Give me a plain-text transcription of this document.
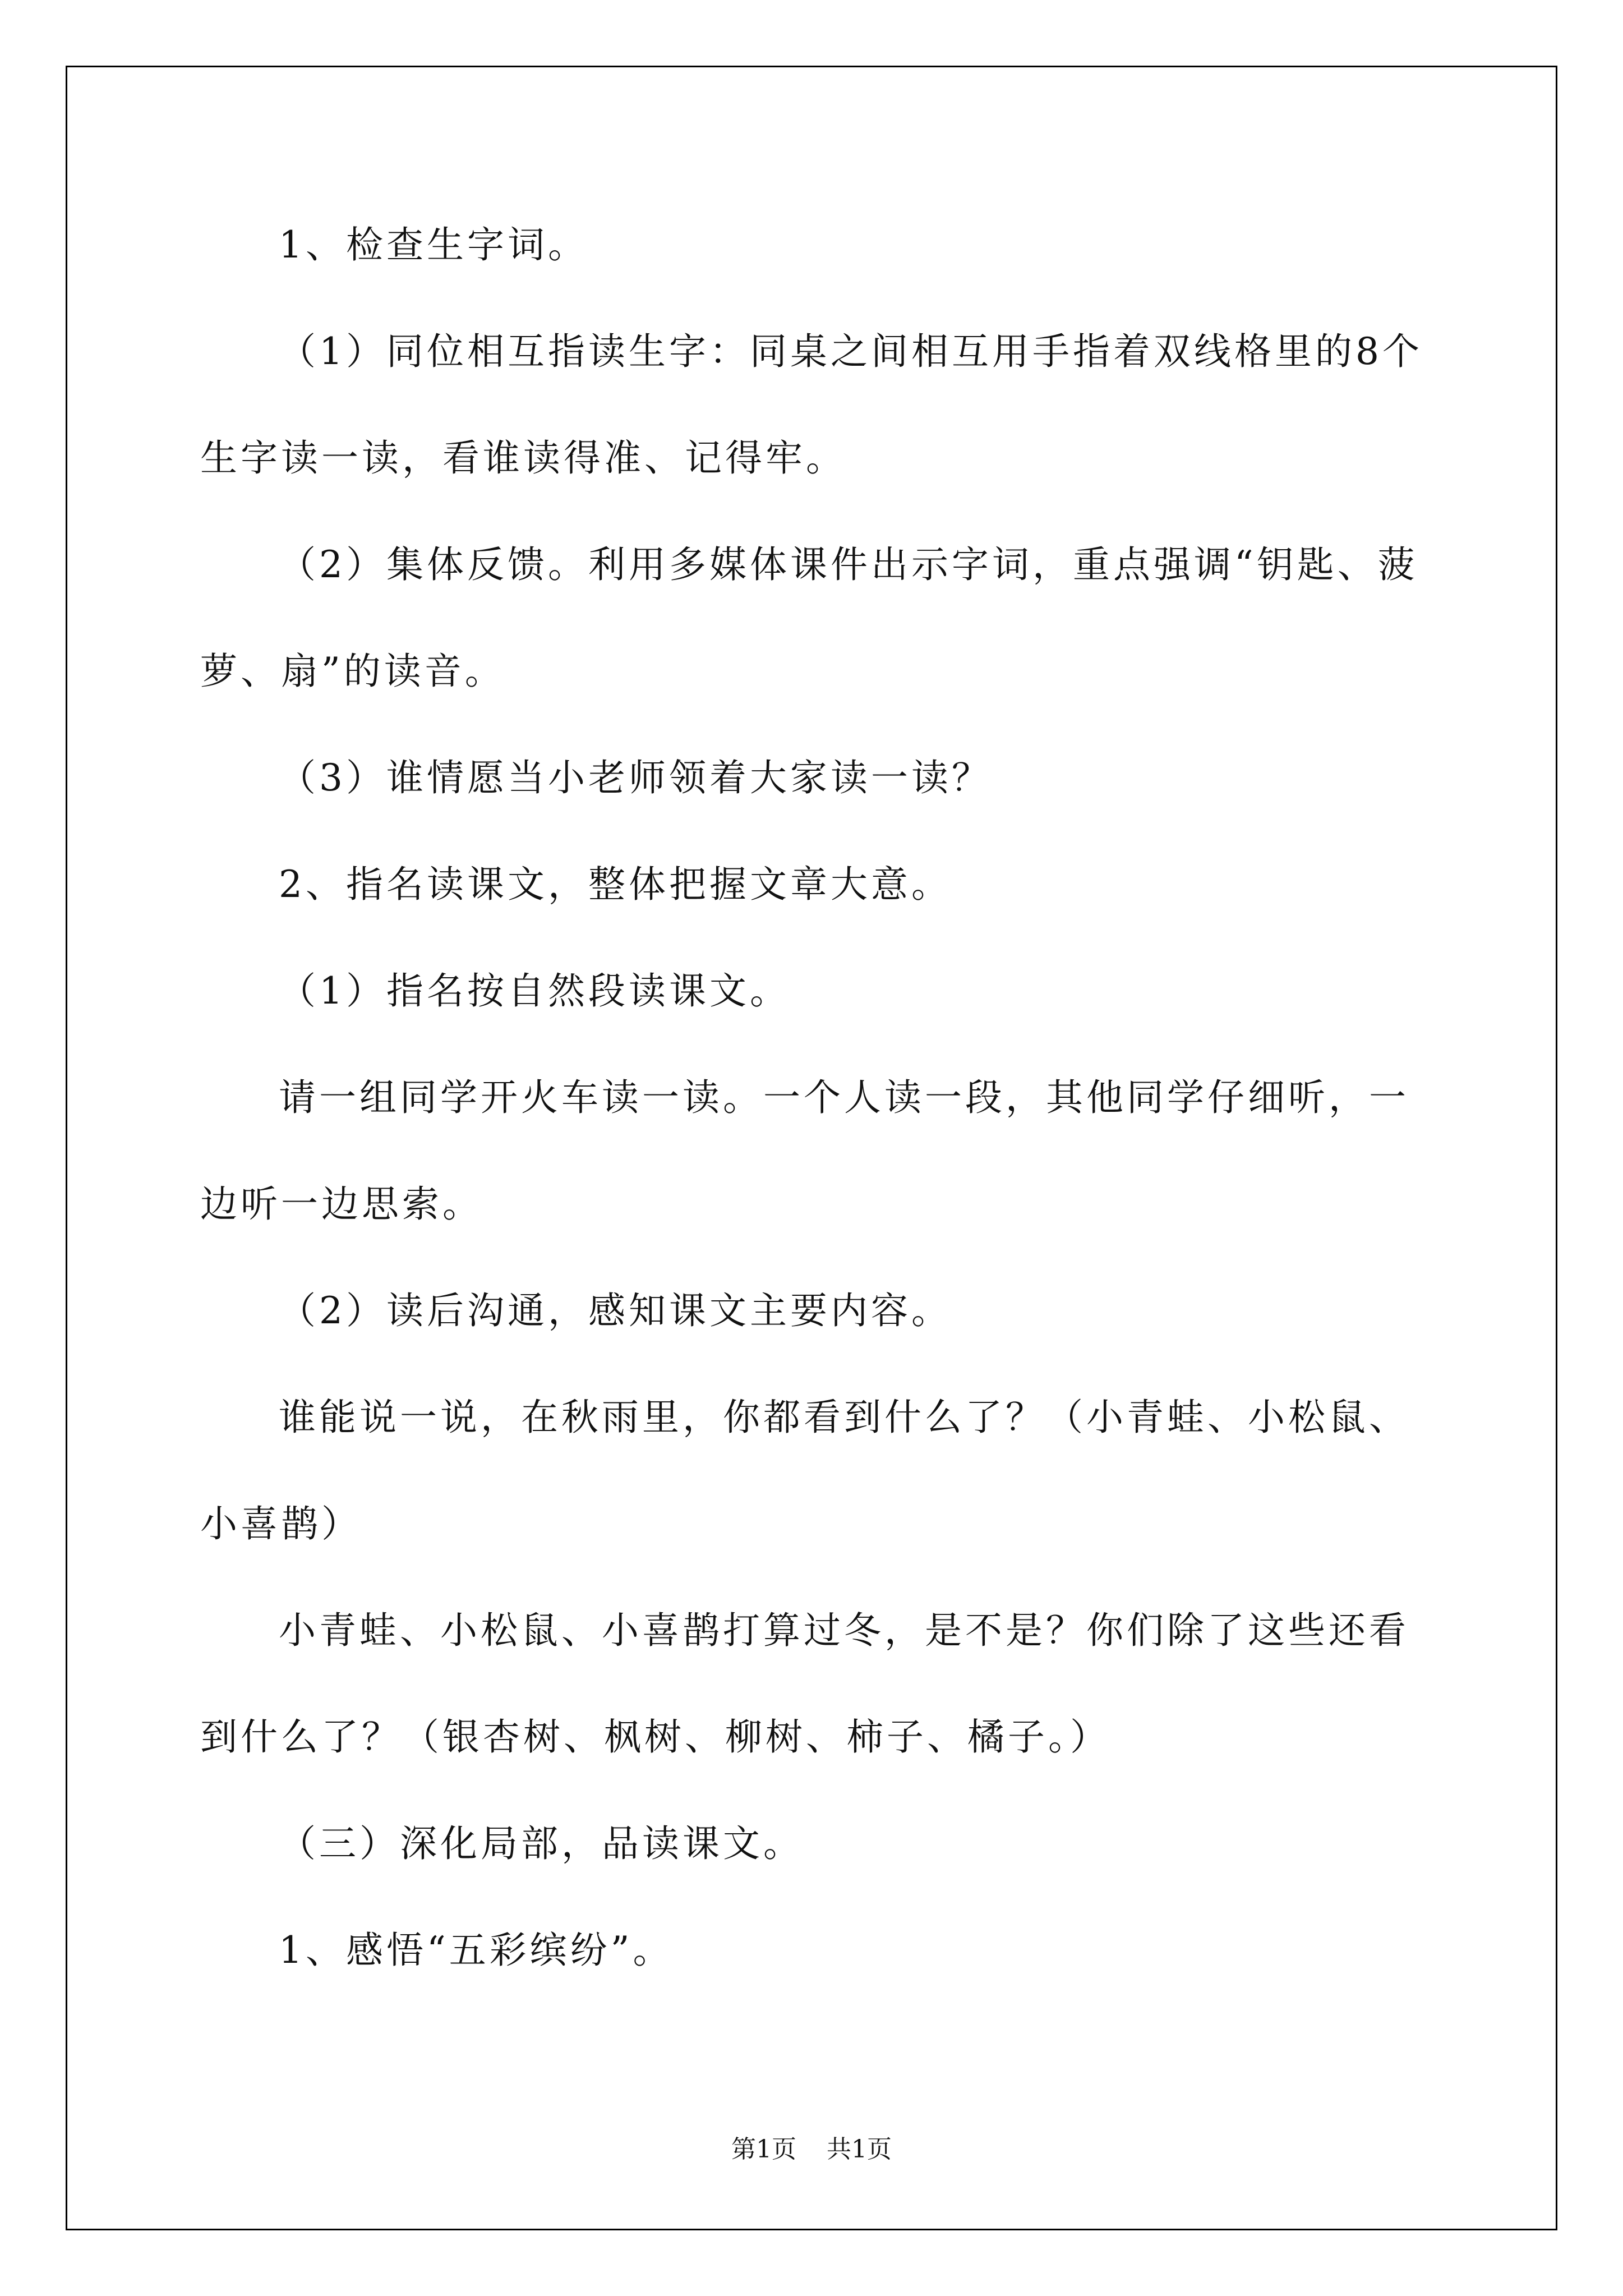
1、检查生字词。
（1）同位相互指读生字：同桌之间相互用手指着双线格里的8个
生字读一读，看谁读得准、记得牢。
（2）集体反馈。利用多媒体课件出示字词，重点强调“钥匙、菠
萝、扇”的读音。
（3）谁情愿当小老师领着大家读一读？
2、指名读课文，整体把握文章大意。
（1）指名按自然段读课文。
请一组同学开火车读一读。一个人读一段，其他同学仔细听，一
边听一边思索。
（2）读后沟通，感知课文主要内容。
谁能说一说，在秋雨里，你都看到什么了？（小青蛙、小松鼠、
小喜鹊）
小青蛙、小松鼠、小喜鹊打算过冬，是不是？你们除了这些还看
到什么了？（银杏树、枫树、柳树、柿子、橘子。）
（三）深化局部，品读课文。
1、感悟“五彩缤纷”。
第1页 共1页
